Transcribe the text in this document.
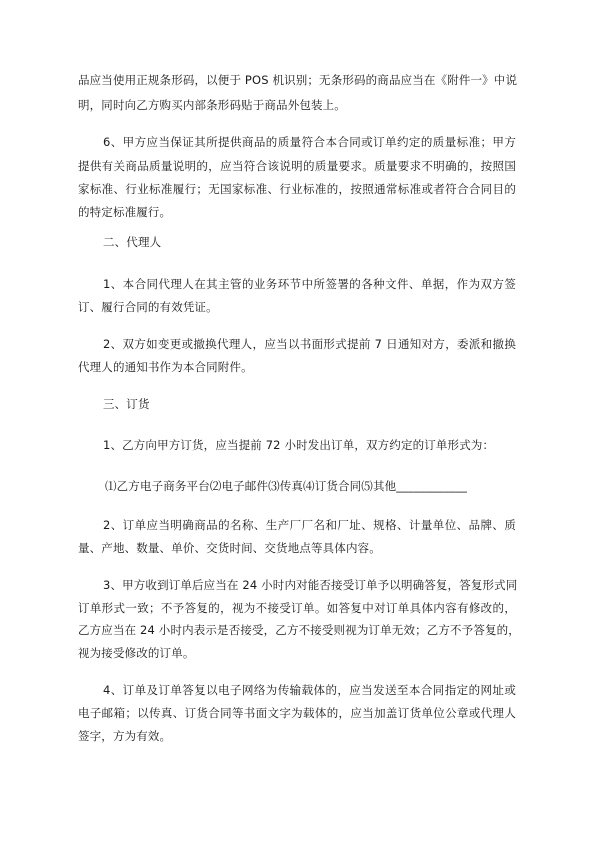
品应当使用正规条形码，以便于 POS 机识别；无条形码的商品应当在《附件一》中说
明，同时向乙方购买内部条形码贴于商品外包装上。
6、甲方应当保证其所提供商品的质量符合本合同或订单约定的质量标准；甲方
提供有关商品质量说明的，应当符合该说明的质量要求。质量要求不明确的，按照国
家标准、行业标准履行；无国家标准、行业标准的，按照通常标准或者符合合同目的
的特定标准履行。
二、代理人
1、本合同代理人在其主管的业务环节中所签署的各种文件、单据，作为双方签
订、履行合同的有效凭证。
2、双方如变更或撤换代理人，应当以书面形式提前 7 日通知对方，委派和撤换
代理人的通知书作为本合同附件。
三、订货
1、乙方向甲方订货，应当提前 72 小时发出订单，双方约定的订单形式为：
⑴乙方电子商务平台⑵电子邮件⑶传真⑷订货合同⑸其他____________
2、订单应当明确商品的名称、生产厂厂名和厂址、规格、计量单位、品牌、质
量、产地、数量、单价、交货时间、交货地点等具体内容。
3、甲方收到订单后应当在 24 小时内对能否接受订单予以明确答复，答复形式同
订单形式一致；不予答复的，视为不接受订单。如答复中对订单具体内容有修改的，
乙方应当在 24 小时内表示是否接受，乙方不接受则视为订单无效；乙方不予答复的，
视为接受修改的订单。
4、订单及订单答复以电子网络为传输载体的，应当发送至本合同指定的网址或
电子邮箱；以传真、订货合同等书面文字为载体的，应当加盖订货单位公章或代理人
签字，方为有效。
